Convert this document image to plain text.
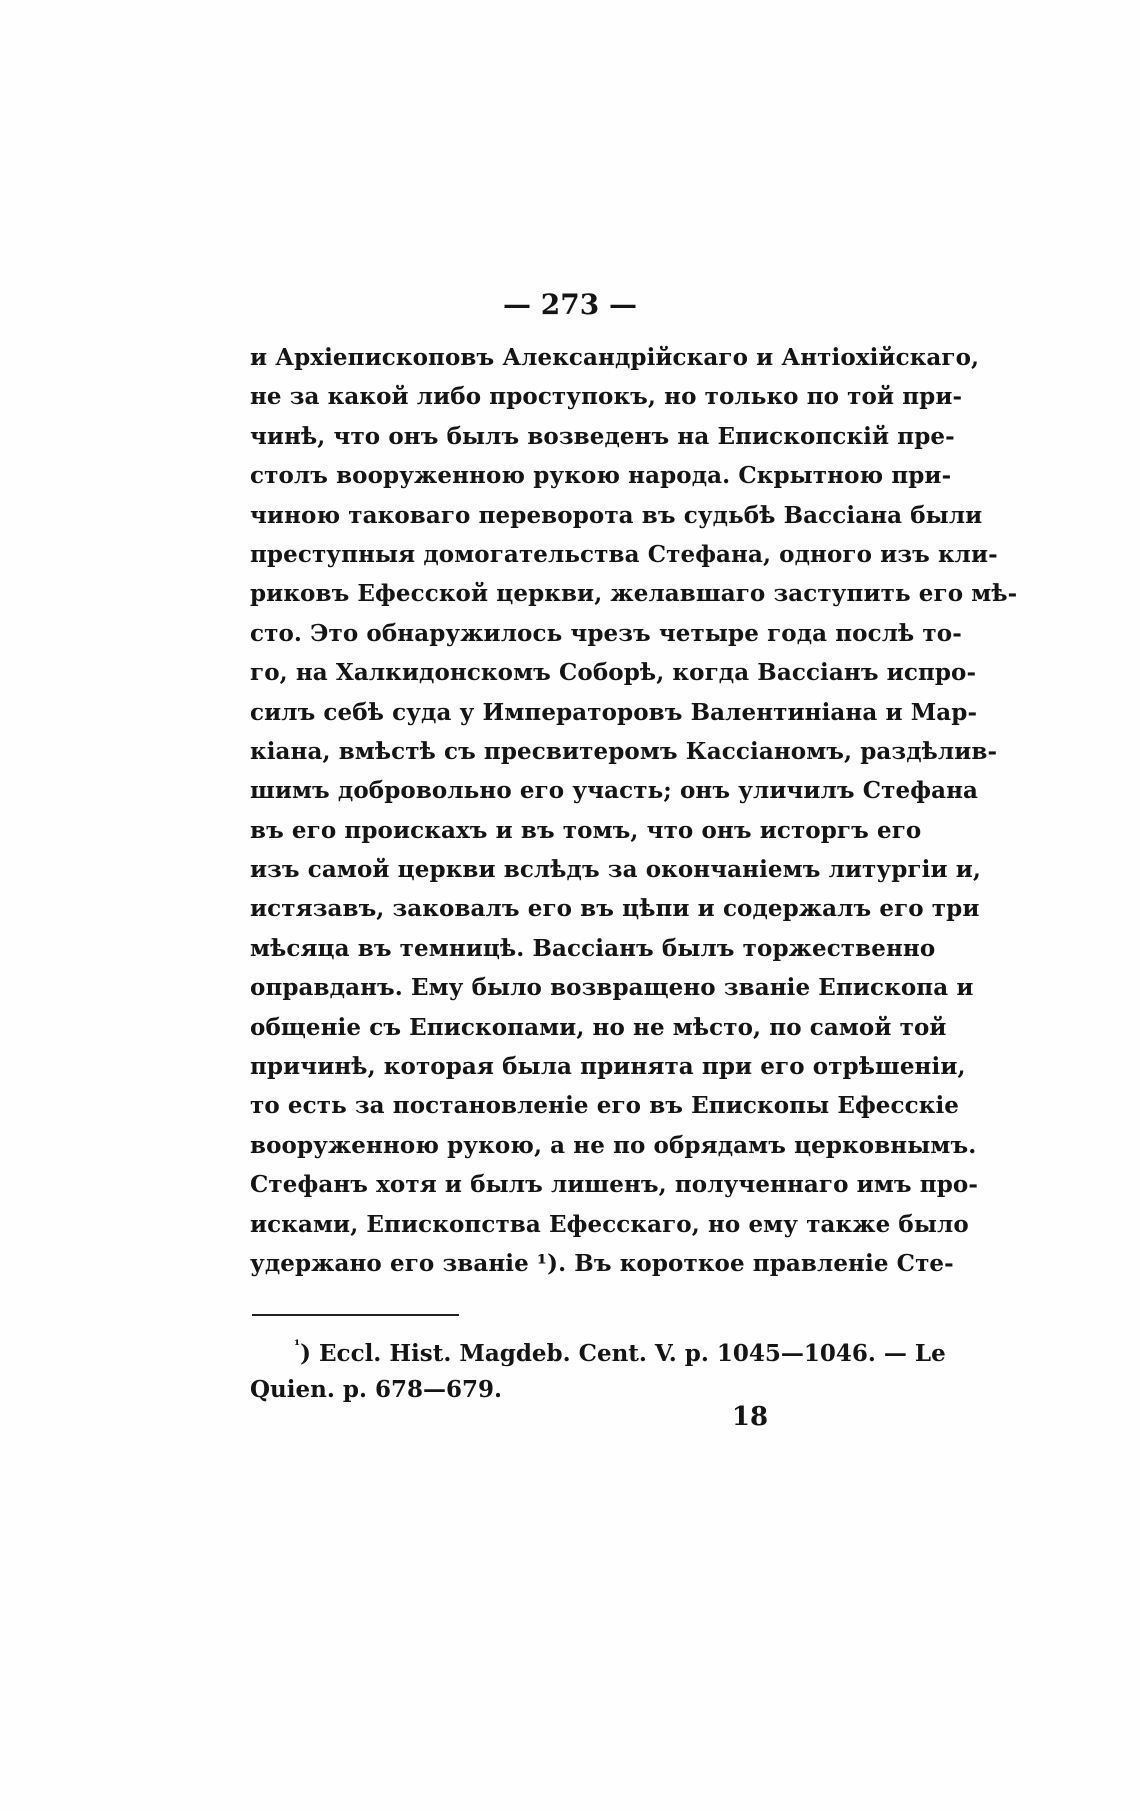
— 273 —
и Архіепископовъ Александрійскаго и Антіохійскаго,
не за какой либо проступокъ, но только по той при-
чинѣ, что онъ былъ возведенъ на Епископскій пре-
столъ вооруженною рукою народа. Скрытною при-
чиною таковаго переворота въ судьбѣ Вассіана были
преступныя домогательства Стефана, одного изъ кли-
риковъ Ефесской церкви, желавшаго заступить его мѣ-
сто. Это обнаружилось чрезъ четыре года послѣ то-
го, на Халкидонскомъ Соборѣ, когда Вассіанъ испро-
силъ себѣ суда у Императоровъ Валентиніана и Мар-
кіана, вмѣстѣ съ пресвитеромъ Кассіаномъ, раздѣлив-
шимъ добровольно его участь; онъ уличилъ Стефана
въ его проискахъ и въ томъ, что онъ исторгъ его
изъ самой церкви вслѣдъ за окончаніемъ литургіи и,
истязавъ, заковалъ его въ цѣпи и содержалъ его три
мѣсяца въ темницѣ. Вассіанъ былъ торжественно
оправданъ. Ему было возвращено званіе Епископа и
общеніе съ Епископами, но не мѣсто, по самой той
причинѣ, которая была принята при его отрѣшеніи,
то есть за постановленіе его въ Епископы Ефесскіе
вооруженною рукою, а не по обрядамъ церковнымъ.
Стефанъ хотя и былъ лишенъ, полученнаго имъ про-
исками, Епископства Ефесскаго, но ему также было
удержано его званіе ¹). Въ короткое правленіе Сте-
$^{^1}$) Eccl. Hist. Magdeb. Cent. V. p. 1045—1046. — Le
Quien. p. 678—679.
18
